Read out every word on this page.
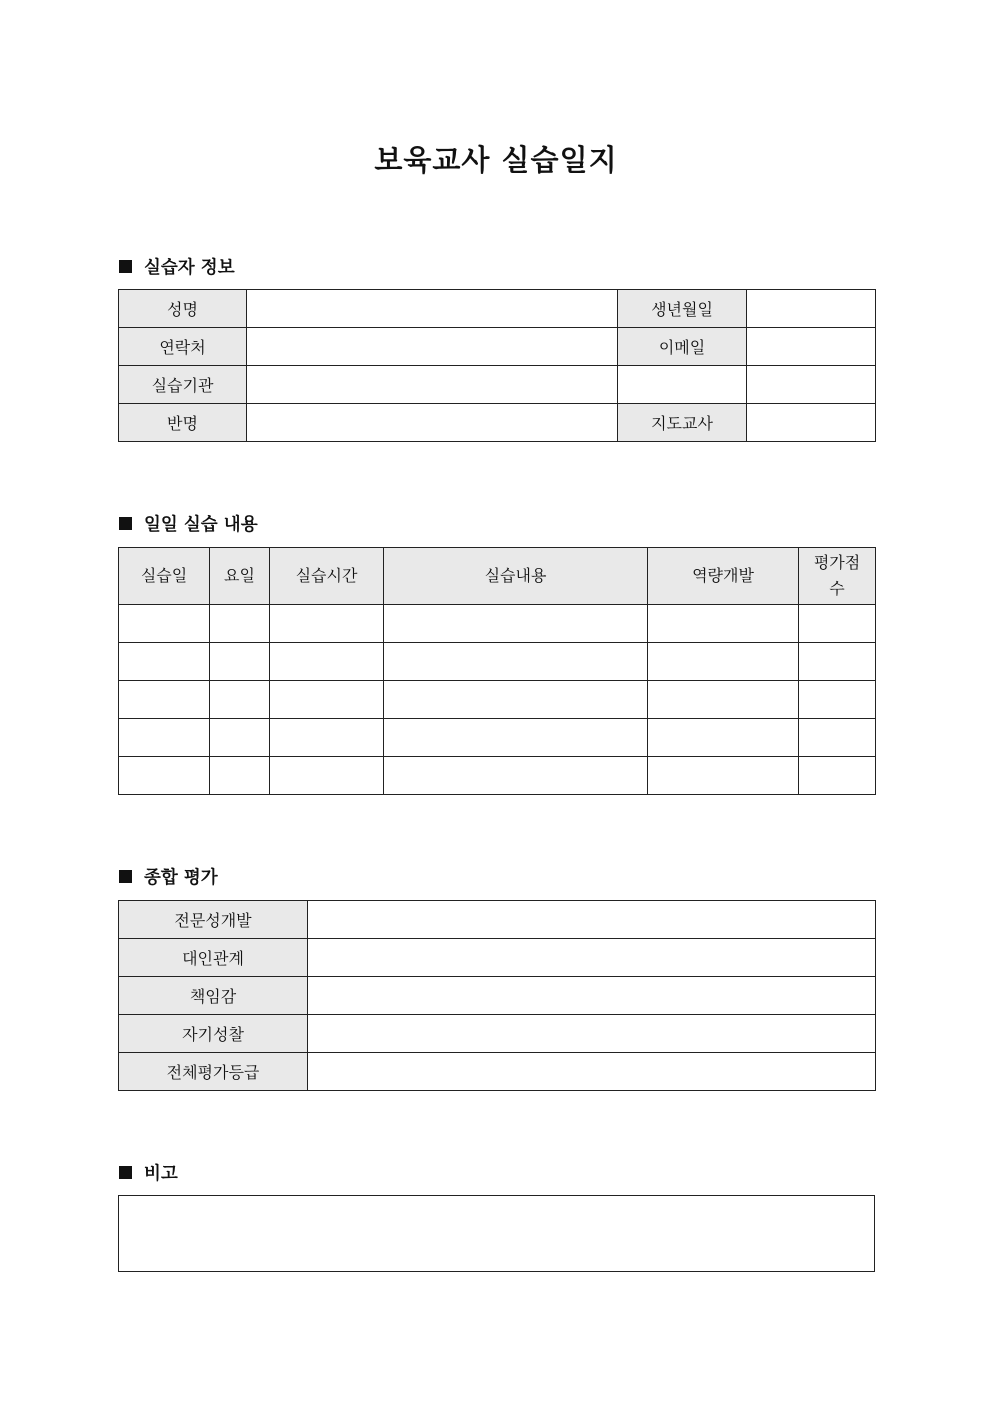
보육교사 실습일지
실습자 정보
성명		생년월일	
연락처		이메일	
실습기관			
반명		지도교사	
일일 실습 내용
실습일	요일	실습시간	실습내용	역량개발	평가점수

종합 평가
전문성개발	
대인관계	
책임감	
자기성찰	
전체평가등급	
비고
